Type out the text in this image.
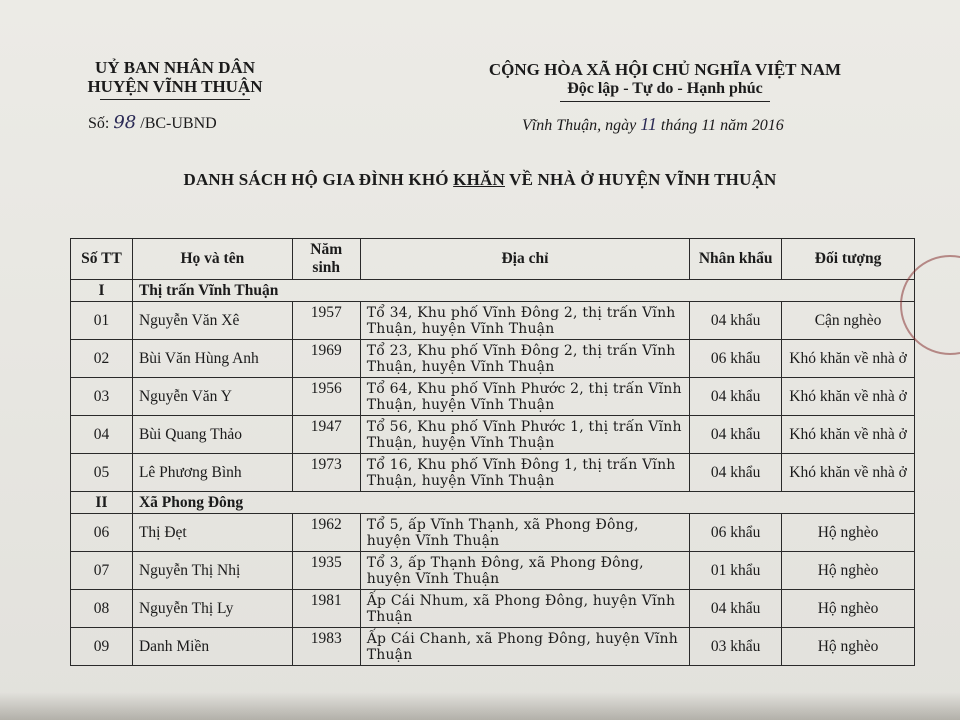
UỶ BAN NHÂN DÂN
HUYỆN VĨNH THUẬN
CỘNG HÒA XÃ HỘI CHỦ NGHĨA VIỆT NAM
Độc lập - Tự do - Hạnh phúc
Số: 98 /BC-UBND	Vĩnh Thuận, ngày 11 tháng 11 năm 2016
DANH SÁCH HỘ GIA ĐÌNH KHÓ KHĂN VỀ NHÀ Ở HUYỆN VĨNH THUẬN
Số TT	Họ và tên	Năm sinh	Địa chỉ	Nhân khẩu	Đối tượng
I	Thị trấn Vĩnh Thuận				
01	Nguyễn Văn Xê	1957	Tổ 34, Khu phố Vĩnh Đông 2, thị trấn Vĩnh Thuận, huyện Vĩnh Thuận	04 khẩu	Cận nghèo
02	Bùi Văn Hùng Anh	1969	Tổ 23, Khu phố Vĩnh Đông 2, thị trấn Vĩnh Thuận, huyện Vĩnh Thuận	06 khẩu	Khó khăn về nhà ở
03	Nguyễn Văn Y	1956	Tổ 64, Khu phố Vĩnh Phước 2, thị trấn Vĩnh Thuận, huyện Vĩnh Thuận	04 khẩu	Khó khăn về nhà ở
04	Bùi Quang Thảo	1947	Tổ 56, Khu phố Vĩnh Phước 1, thị trấn Vĩnh Thuận, huyện Vĩnh Thuận	04 khẩu	Khó khăn về nhà ở
05	Lê Phương Bình	1973	Tổ 16, Khu phố Vĩnh Đông 1, thị trấn Vĩnh Thuận, huyện Vĩnh Thuận	04 khẩu	Khó khăn về nhà ở
II	Xã Phong Đông				
06	Thị Đẹt	1962	Tổ 5, ấp Vĩnh Thạnh, xã Phong Đông, huyện Vĩnh Thuận	06 khẩu	Hộ nghèo
07	Nguyễn Thị Nhị	1935	Tổ 3, ấp Thạnh Đông, xã Phong Đông, huyện Vĩnh Thuận	01 khẩu	Hộ nghèo
08	Nguyễn Thị Ly	1981	Ấp Cái Nhum, xã Phong Đông, huyện Vĩnh Thuận	04 khẩu	Hộ nghèo
09	Danh Miền	1983	Ấp Cái Chanh, xã Phong Đông, huyện Vĩnh Thuận	03 khẩu	Hộ nghèo
